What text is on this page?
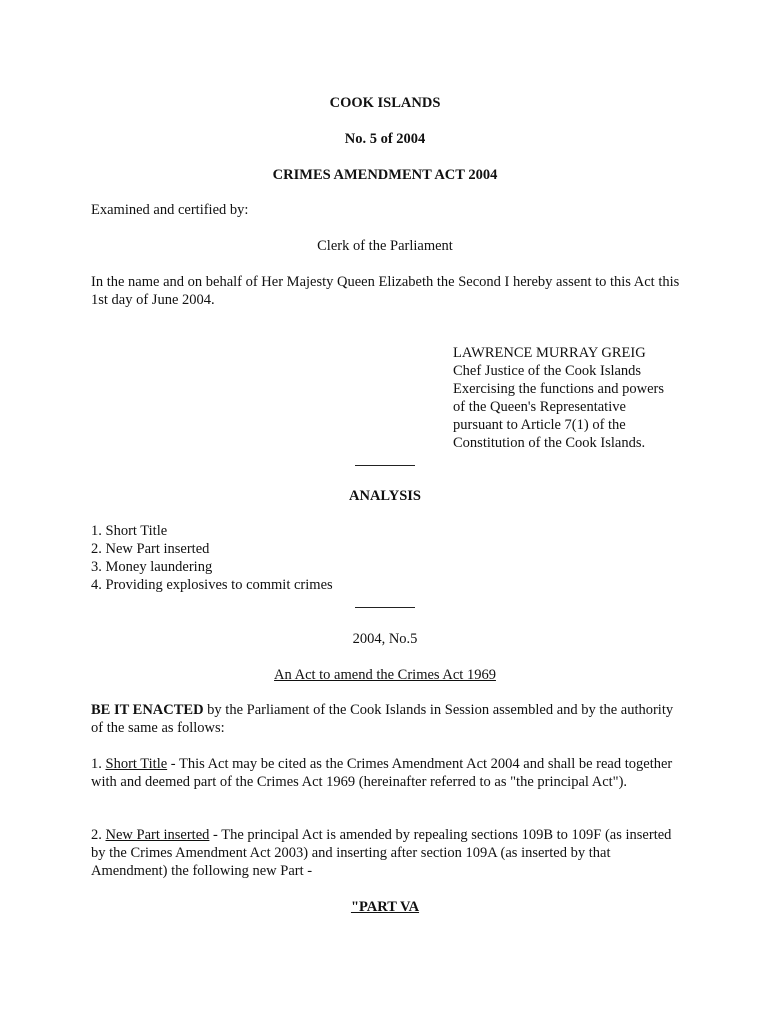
COOK ISLANDS
No. 5 of 2004
CRIMES AMENDMENT ACT 2004
Examined and certified by:
Clerk of the Parliament
In the name and on behalf of Her Majesty Queen Elizabeth the Second I hereby assent to this Act this 1st day of June 2004.
LAWRENCE MURRAY GREIG
Chef Justice of the Cook Islands
Exercising the functions and powers
of the Queen's Representative
pursuant to Article 7(1) of the
Constitution of the Cook Islands.
ANALYSIS
1. Short Title
2. New Part inserted
3. Money laundering
4. Providing explosives to commit crimes
2004, No.5
An Act to amend the Crimes Act 1969
BE IT ENACTED by the Parliament of the Cook Islands in Session assembled and by the authority of the same as follows:
1. Short Title - This Act may be cited as the Crimes Amendment Act 2004 and shall be read together with and deemed part of the Crimes Act 1969 (hereinafter referred to as "the principal Act").
2. New Part inserted - The principal Act is amended by repealing sections 109B to 109F (as inserted by the Crimes Amendment Act 2003) and inserting after section 109A (as inserted by that Amendment) the following new Part -
"PART VA
